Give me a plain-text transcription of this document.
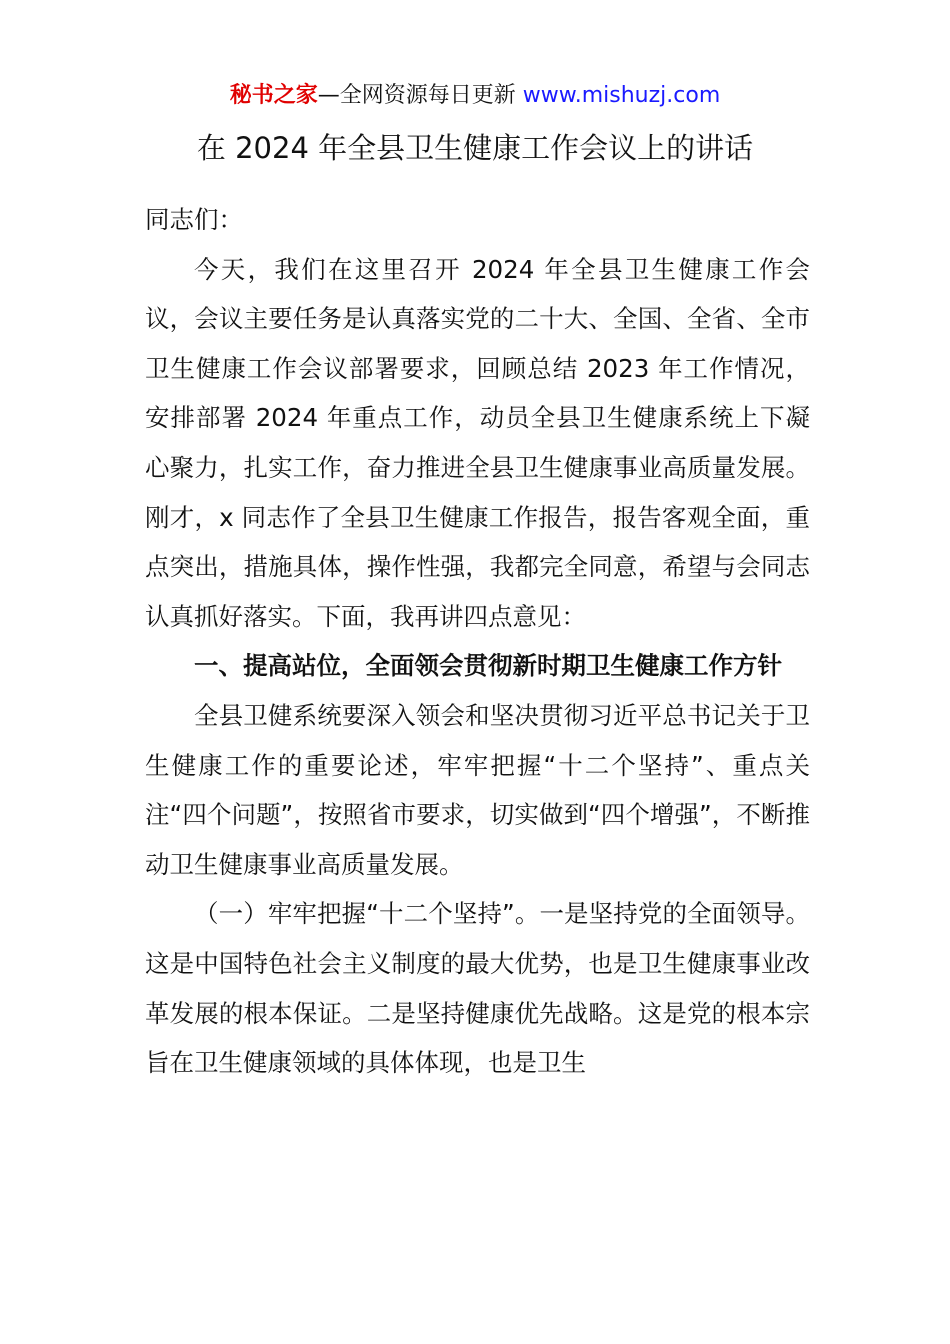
秘书之家—全网资源每日更新 www.mishuzj.com
在 2024 年全县卫生健康工作会议上的讲话

同志们：

今天，我们在这里召开 2024 年全县卫生健康工作会议，会议主要任务是认真落实党的二十大、全国、全省、全市卫生健康工作会议部署要求，回顾总结 2023 年工作情况，安排部署 2024 年重点工作，动员全县卫生健康系统上下凝心聚力，扎实工作，奋力推进全县卫生健康事业高质量发展。刚才，x 同志作了全县卫生健康工作报告，报告客观全面，重点突出，措施具体，操作性强，我都完全同意，希望与会同志认真抓好落实。下面，我再讲四点意见：

一、提高站位，全面领会贯彻新时期卫生健康工作方针

全县卫健系统要深入领会和坚决贯彻习近平总书记关于卫生健康工作的重要论述，牢牢把握“十二个坚持”、重点关注“四个问题”，按照省市要求，切实做到“四个增强”，不断推动卫生健康事业高质量发展。

（一）牢牢把握“十二个坚持”。一是坚持党的全面领导。这是中国特色社会主义制度的最大优势，也是卫生健康事业改革发展的根本保证。二是坚持健康优先战略。这是党的根本宗旨在卫生健康领域的具体体现，也是卫生
